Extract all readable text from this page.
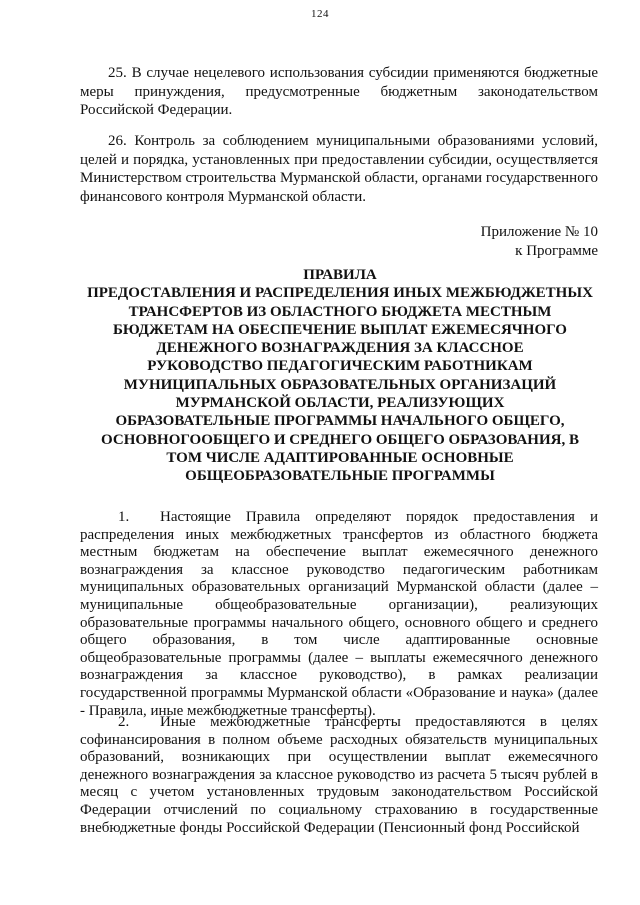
124
25. В случае нецелевого использования субсидии применяются бюджетные меры принуждения, предусмотренные бюджетным законодательством Российской Федерации.
26. Контроль за соблюдением муниципальными образованиями условий, целей и порядка, установленных при предоставлении субсидии, осуществляется Министерством строительства Мурманской области, органами государственного финансового контроля Мурманской области.
Приложение № 10
к Программе
ПРАВИЛА
ПРЕДОСТАВЛЕНИЯ И РАСПРЕДЕЛЕНИЯ ИНЫХ МЕЖБЮДЖЕТНЫХ
ТРАНСФЕРТОВ ИЗ ОБЛАСТНОГО БЮДЖЕТА МЕСТНЫМ
БЮДЖЕТАМ НА ОБЕСПЕЧЕНИЕ ВЫПЛАТ ЕЖЕМЕСЯЧНОГО
ДЕНЕЖНОГО ВОЗНАГРАЖДЕНИЯ ЗА КЛАССНОЕ
РУКОВОДСТВО ПЕДАГОГИЧЕСКИМ РАБОТНИКАМ
МУНИЦИПАЛЬНЫХ ОБРАЗОВАТЕЛЬНЫХ ОРГАНИЗАЦИЙ
МУРМАНСКОЙ ОБЛАСТИ, РЕАЛИЗУЮЩИХ
ОБРАЗОВАТЕЛЬНЫЕ ПРОГРАММЫ НАЧАЛЬНОГО ОБЩЕГО,
ОСНОВНОГООБЩЕГО И СРЕДНЕГО ОБЩЕГО ОБРАЗОВАНИЯ, В
ТОМ ЧИСЛЕ АДАПТИРОВАННЫЕ ОСНОВНЫЕ
ОБЩЕОБРАЗОВАТЕЛЬНЫЕ ПРОГРАММЫ
1. Настоящие Правила определяют порядок предоставления и распределения иных межбюджетных трансфертов из областного бюджета местным бюджетам на обеспечение выплат ежемесячного денежного вознаграждения за классное руководство педагогическим работникам муниципальных образовательных организаций Мурманской области (далее – муниципальные общеобразовательные организации), реализующих образовательные программы начального общего, основного общего и среднего общего образования, в том числе адаптированные основные общеобразовательные программы (далее – выплаты ежемесячного денежного вознаграждения за классное руководство), в рамках реализации государственной программы Мурманской области «Образование и наука» (далее - Правила, иные межбюджетные трансферты).
2. Иные межбюджетные трансферты предоставляются в целях софинансирования в полном объеме расходных обязательств муниципальных образований, возникающих при осуществлении выплат ежемесячного денежного вознаграждения за классное руководство из расчета 5 тысяч рублей в месяц с учетом установленных трудовым законодательством Российской Федерации отчислений по социальному страхованию в государственные внебюджетные фонды Российской Федерации (Пенсионный фонд Российской
